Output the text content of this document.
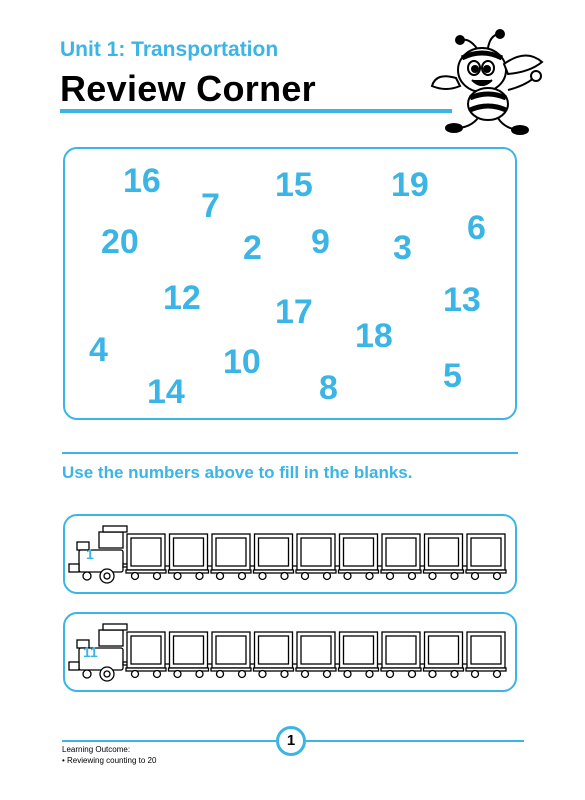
Unit 1: Transportation
Review Corner
16
7
15 19
20	2 9 3
6
12 17	13
18
4	10
14	8	5
Use the numbers above to fill in the blanks.
1
11
1
Learning Outcome:
• Reviewing counting to 20
